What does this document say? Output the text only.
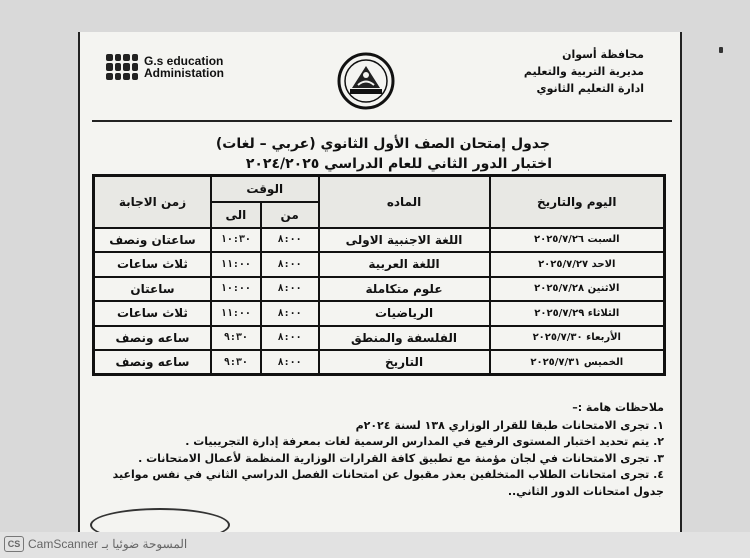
G.s education
Administation
محافظة أسوان
مديرية التربية والتعليم
ادارة التعليم الثانوي
جدول إمتحان الصف الأول الثانوي (عربي – لغات)
اختبار الدور الثاني للعام الدراسي ٢٠٢٤/٢٠٢٥
اليوم والتاريخ	الماده	الوقت		زمن الاجابة
		من	الى	
السبت ٢٠٢٥/٧/٢٦	اللغة الاجنبية الاولى	٨:٠٠	١٠:٣٠	ساعتان ونصف
الاحد ٢٠٢٥/٧/٢٧	اللغة العربية	٨:٠٠	١١:٠٠	ثلاث ساعات
الاثنين ٢٠٢٥/٧/٢٨	علوم متكاملة	٨:٠٠	١٠:٠٠	ساعتان
الثلاثاء ٢٠٢٥/٧/٢٩	الرياضيات	٨:٠٠	١١:٠٠	ثلاث ساعات
الأربعاء ٢٠٢٥/٧/٣٠	الفلسفة والمنطق	٨:٠٠	٩:٣٠	ساعه ونصف
الخميس ٢٠٢٥/٧/٣١	التاريخ	٨:٠٠	٩:٣٠	ساعه ونصف
ملاحظات هامة :–
١. تجرى الامتحانات طبقا للقرار الوزاري ١٣٨ لسنة ٢٠٢٤م
٢. يتم تحديد اختبار المستوى الرفيع في المدارس الرسمية لغات بمعرفة إدارة التجريبيات .
٣. تجرى الامتحانات في لجان مؤمنة مع تطبيق كافة القرارات الوزارية المنظمة لأعمال الامتحانات .
٤. تجرى امتحانات الطلاب المتخلفين بعذر مقبول عن امتحانات الفصل الدراسي الثاني في نفس مواعيد
جدول امتحانات الدور الثاني..
CS CamScanner المسوحة ضوئيا بـ
